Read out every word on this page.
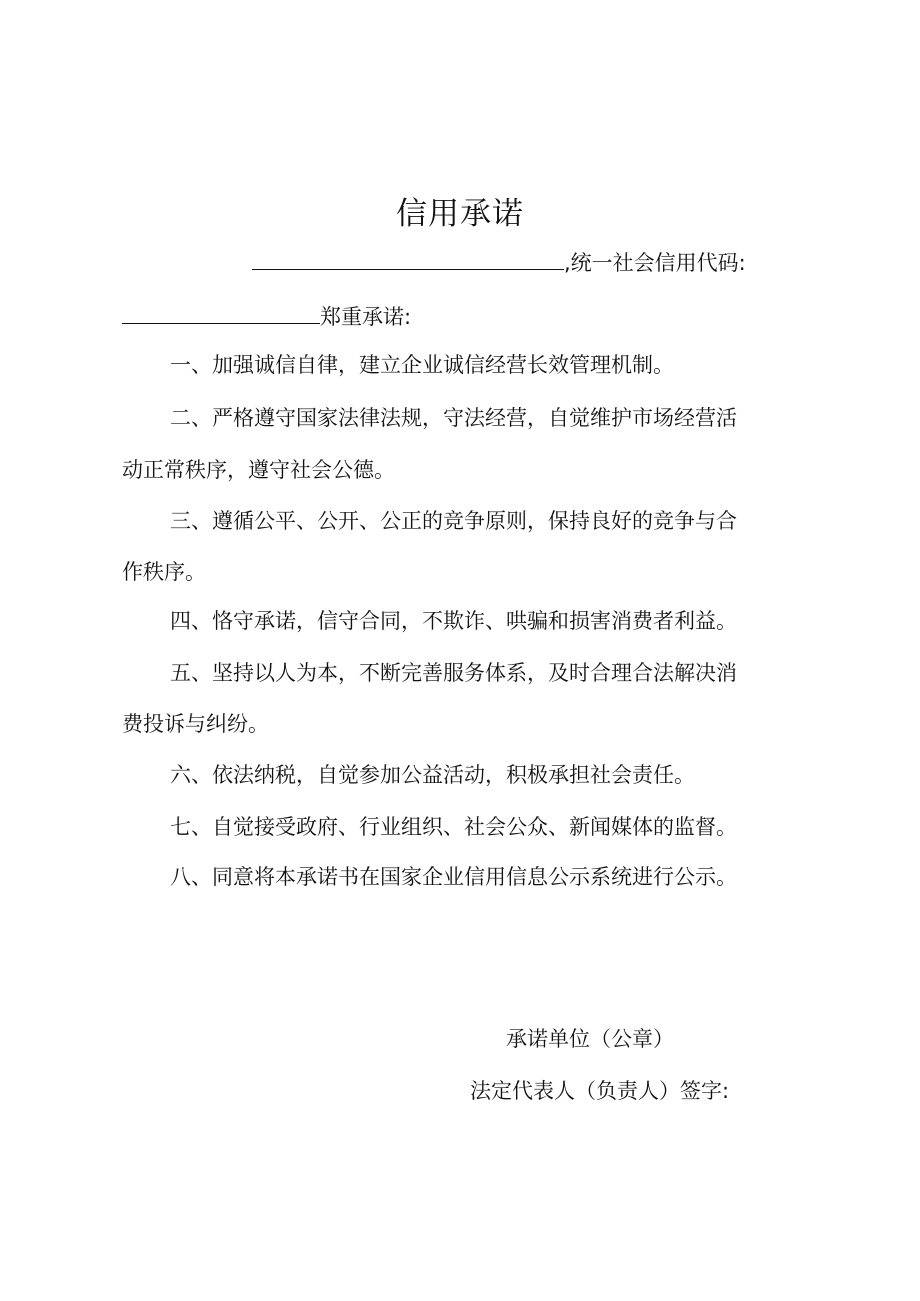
信用承诺
,统一社会信用代码:
郑重承诺:
一、加强诚信自律，建立企业诚信经营长效管理机制。
二、严格遵守国家法律法规，守法经营，自觉维护市场经营活
动正常秩序，遵守社会公德。
三、遵循公平、公开、公正的竞争原则，保持良好的竞争与合
作秩序。
四、恪守承诺，信守合同，不欺诈、哄骗和损害消费者利益。
五、坚持以人为本，不断完善服务体系，及时合理合法解决消
费投诉与纠纷。
六、依法纳税，自觉参加公益活动，积极承担社会责任。
七、自觉接受政府、行业组织、社会公众、新闻媒体的监督。
八、同意将本承诺书在国家企业信用信息公示系统进行公示。
承诺单位（公章）
法定代表人（负责人）签字:
